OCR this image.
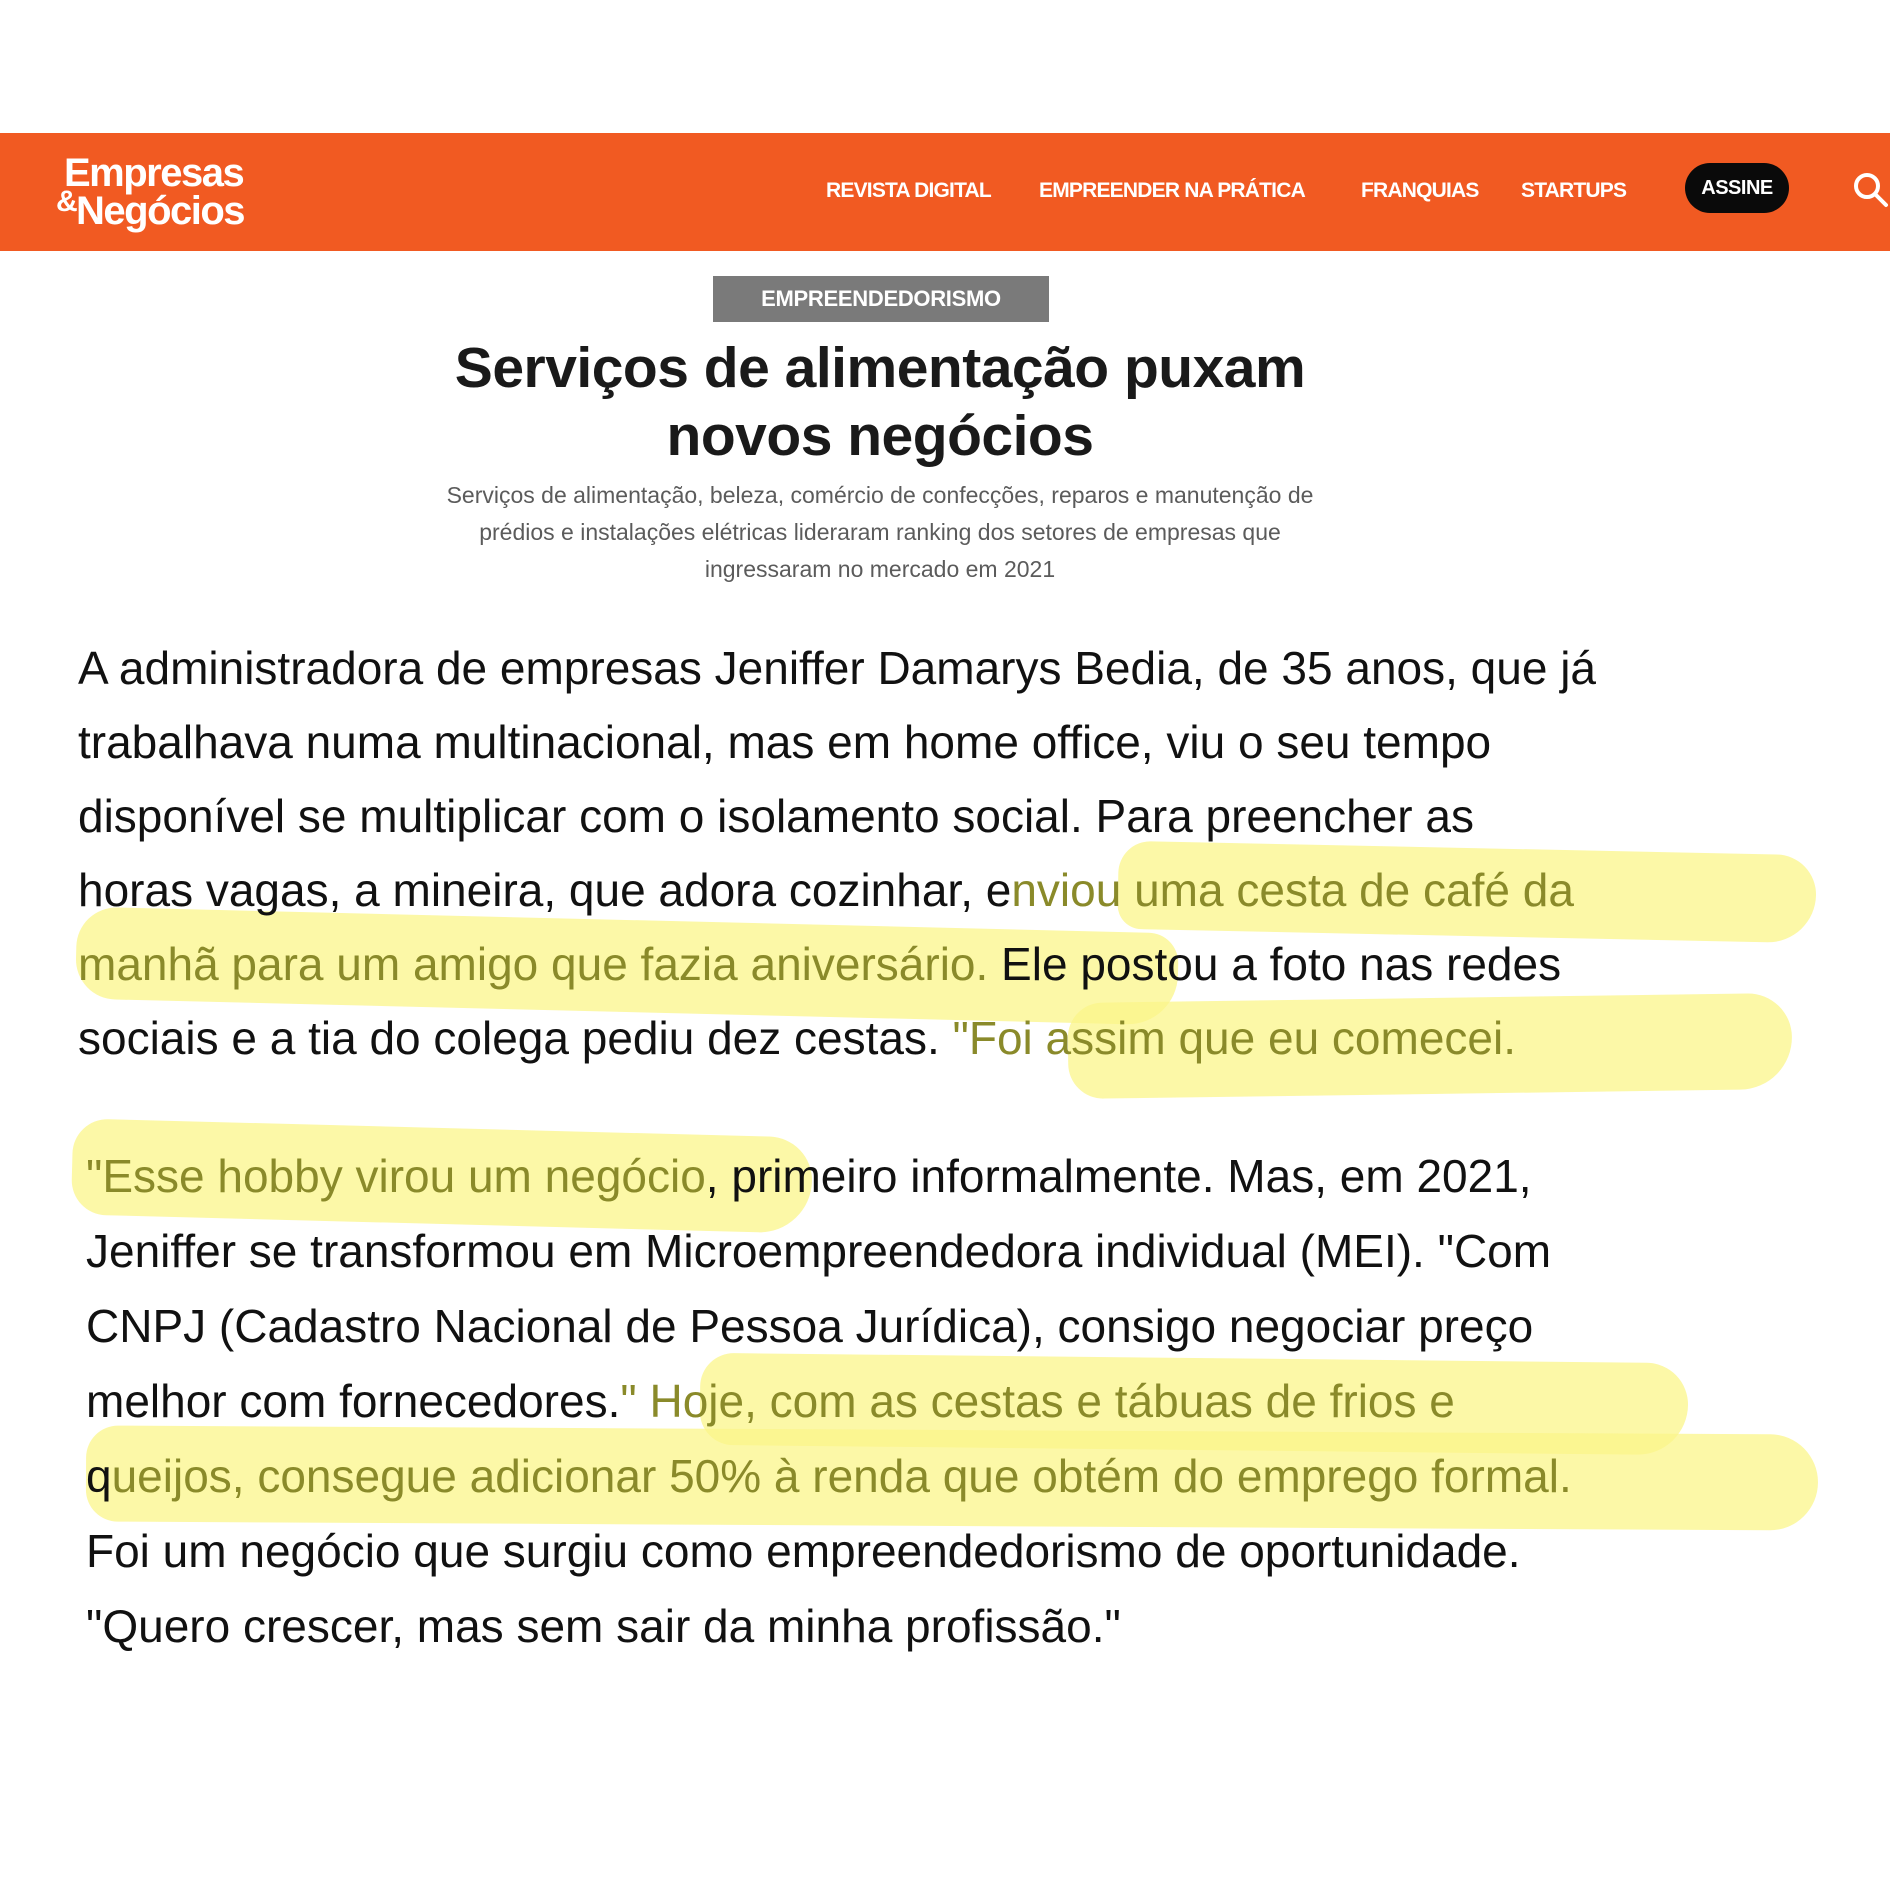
&
Empresas
Negócios	REVISTA DIGITAL EMPREENDER NA PRÁTICA	FRANQUIAS STARTUPS	ASSINE
EMPREENDEDORISMO
Serviços de alimentação puxam
novos negócios
Serviços de alimentação, beleza, comércio de confecções, reparos e manutenção de
prédios e instalações elétricas lideraram ranking dos setores de empresas que
ingressaram no mercado em 2021
A administradora de empresas Jeniffer Damarys Bedia, de 35 anos, que já
trabalhava numa multinacional, mas em home office, viu o seu tempo
disponível se multiplicar com o isolamento social. Para preencher as
horas vagas, a mineira, que adora cozinhar, enviou uma cesta de café da
manhã para um amigo que fazia aniversário. Ele postou a foto nas redes
sociais e a tia do colega pediu dez cestas. "Foi assim que eu comecei.
"Esse hobby virou um negócio, primeiro informalmente. Mas, em 2021,
Jeniffer se transformou em Microempreendedora individual (MEI). "Com
CNPJ (Cadastro Nacional de Pessoa Jurídica), consigo negociar preço
melhor com fornecedores." Hoje, com as cestas e tábuas de frios e
queijos, consegue adicionar 50% à renda que obtém do emprego formal.
Foi um negócio que surgiu como empreendedorismo de oportunidade.
"Quero crescer, mas sem sair da minha profissão."
